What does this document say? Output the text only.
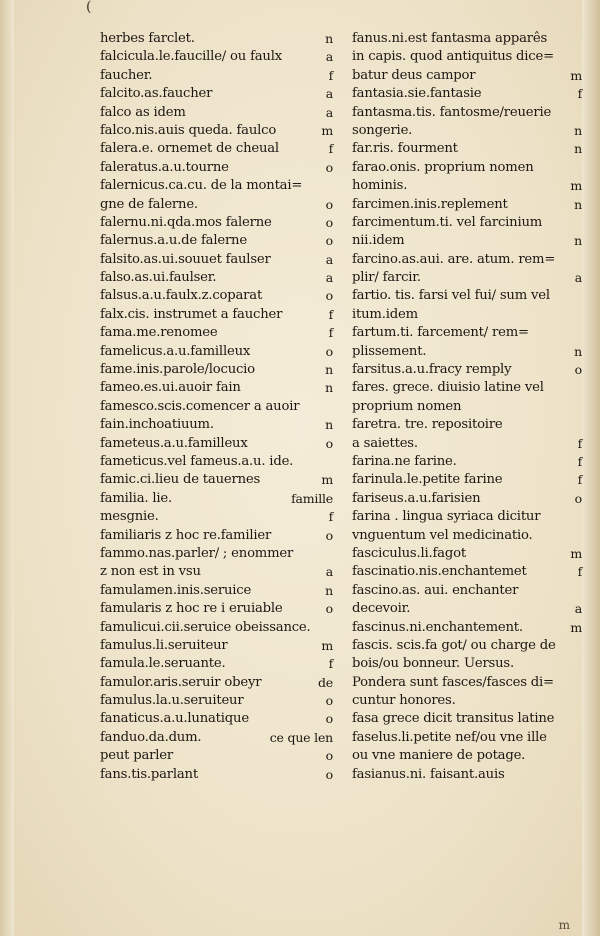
(
herbes farclet.	n
falcicula.le.faucille/ ou faulx	a
faucher.	f
falcito.as.faucher	a
falco as idem	a
falco.nis.auis queda. faulco	m
falera.e. ornemet de cheual	f
faleratus.a.u.tourne	o
falernicus.ca.cu. de la montai=
gne de falerne.	o
falernu.ni.qda.mos falerne	o
falernus.a.u.de falerne	o
falsito.as.ui.souuet faulser	a
falso.as.ui.faulser.	a
falsus.a.u.faulx.z.coparat	o
falx.cis. instrumet a faucher	f
fama.me.renomee	f
famelicus.a.u.familleux	o
fame.inis.parole/locucio	n
fameo.es.ui.auoir fain	n
famesco.scis.comencer a auoir
fain.inchoatiuum.	n
fameteus.a.u.familleux	o
fameticus.vel fameus.a.u. ide.
famic.ci.lieu de tauernes	m
familia. lie.	famille
mesgnie.	f
familiaris z hoc re.familier	o
fammo.nas.parler/ ; enommer
z non est in vsu	a
famulamen.inis.seruice	n
famularis z hoc re i eruiable	o
famulicui.cii.seruice obeissance.
famulus.li.seruiteur	m
famula.le.seruante.	f
famulor.aris.seruir obeyr	de
famulus.la.u.seruiteur	o
fanaticus.a.u.lunatique	o
fanduo.da.dum.	ce que len
peut parler	o
fans.tis.parlant	o
fanus.ni.est fantasma apparês
in capis. quod antiquitus dice=
batur deus campor	m
fantasia.sie.fantasie	f
fantasma.tis. fantosme/reuerie
songerie.	n
far.ris. fourment	n
farao.onis. proprium nomen
hominis.	m
farcimen.inis.replement	n
farcimentum.ti. vel farcinium
nii.idem	n
farcino.as.aui. are. atum. rem=
plir/ farcir.	a
fartio. tis. farsi vel fui/ sum vel
itum.idem
fartum.ti. farcement/ rem=
plissement.	n
farsitus.a.u.fracy remply	o
fares. grece. diuisio latine vel
proprium nomen
faretra. tre. repositoire
a saiettes.	f
farina.ne farine.	f
farinula.le.petite farine	f
fariseus.a.u.farisien	o
farina . lingua syriaca dicitur
vnguentum vel medicinatio.
fasciculus.li.fagot	m
fascinatio.nis.enchantemet	f
fascino.as. aui. enchanter
decevoir.	a
fascinus.ni.enchantement.	m
fascis. scis.fa got/ ou charge de
bois/ou bonneur. Uersus.
Pondera sunt fasces/fasces di=
cuntur honores.
fasa grece dicit transitus latine
faselus.li.petite nef/ou vne ille
ou vne maniere de potage.
fasianus.ni. faisant.auis
m
